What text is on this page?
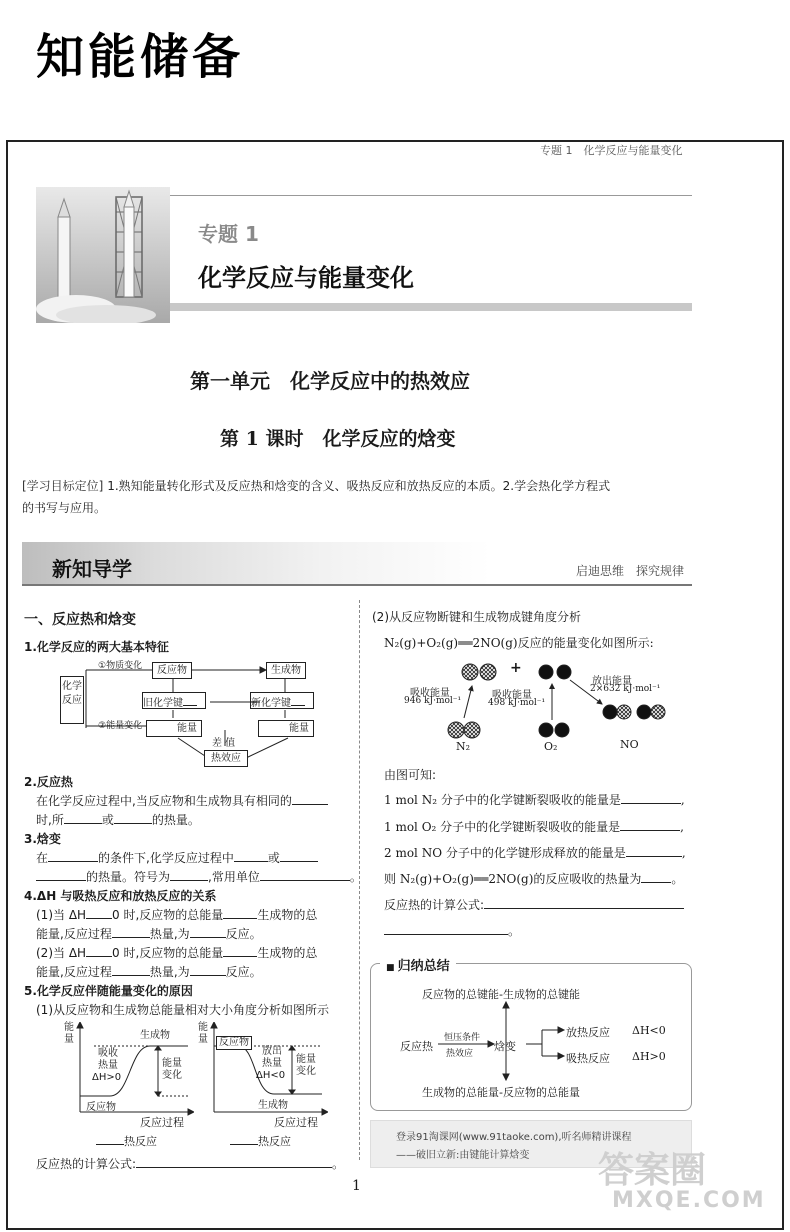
知能储备
专题 1　化学反应与能量变化
专题 1
化学反应与能量变化
第一单元　化学反应中的热效应
第 1 课时　化学反应的焓变
[学习目标定位] 1.熟知能量转化形式及反应热和焓变的含义、吸热反应和放热反应的本质。2.学会热化学方程式
的书写与应用。
新知导学	启迪思维　探究规律
一、反应热和焓变
1.化学反应的两大基本特征
化学反应
①物质变化
②能量变化
反应物	生成物
旧化学键	新化学键
能量	能量
差 值
热效应
2.反应热
在化学反应过程中,当反应物和生成物具有相同的
时,所	或	的热量。
3.焓变
在	的条件下,化学反应过程中	或
的热量。符号为	,常用单位	。
4.ΔH 与吸热反应和放热反应的关系
(1)当 ΔH 0 时,反应物的总能量	生成物的总
能量,反应过程	热量,为	反应。
(2)当 ΔH 0 时,反应物的总能量	生成物的总
能量,反应过程	热量,为	反应。
5.化学反应伴随能量变化的原因
(1)从反应物和生成物总能量相对大小角度分析如图所示
能量	生成物
反应物
吸收
热量
ΔH>0
能量
变化
反应过程
热反应
能量	反应物
生成物
放出
热量
ΔH<0
能量
变化
反应过程
热反应
反应热的计算公式:	。
(2)从反应物断键和生成物成键角度分析
N₂(g)+O₂(g)══2NO(g)反应的能量变化如图所示:
+
吸收能量
946 kJ·mol⁻¹	吸收能量
498 kJ·mol⁻¹
放出能量
2×632 kJ·mol⁻¹
N₂	O₂	NO
由图可知:
1 mol N₂ 分子中的化学键断裂吸收的能量是	,
1 mol O₂ 分子中的化学键断裂吸收的能量是	,
2 mol NO 分子中的化学键形成释放的能量是	,
则 N₂(g)+O₂(g)══2NO(g)的反应吸收的热量为	。
反应热的计算公式:
。
■ 归纳总结
反应物的总键能-生成物的总键能
反应热
恒压条件
热效应
焓变
放热反应 ΔH<0
吸热反应 ΔH>0
生成物的总能量-反应物的总能量
登录91淘课网(www.91taoke.com),听名师精讲课程
——破旧立新:由键能计算焓变
1	答案圈
MXQE.COM
